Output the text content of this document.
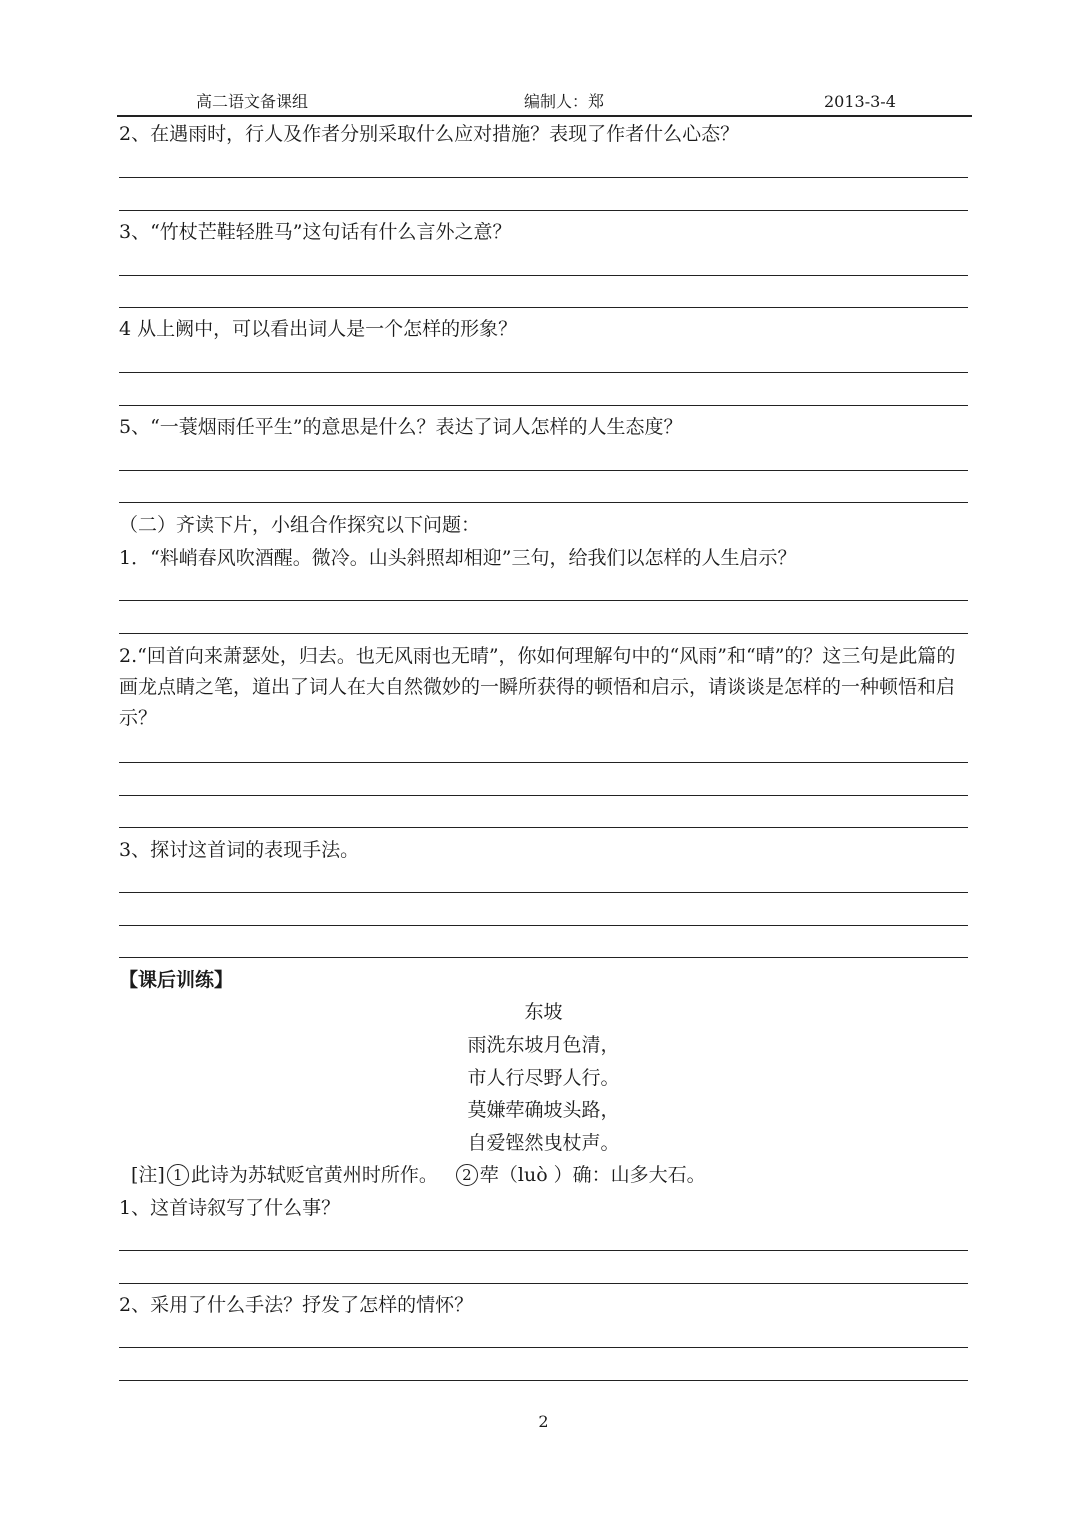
高二语文备课组	编制人：郑	2013-3-4
2、在遇雨时，行人及作者分别采取什么应对措施？表现了作者什么心态？
3、“竹杖芒鞋轻胜马”这句话有什么言外之意？
4 从上阙中，可以看出词人是一个怎样的形象？
5、“一蓑烟雨任平生”的意思是什么？表达了词人怎样的人生态度？
（二）齐读下片，小组合作探究以下问题：
1．“料峭春风吹酒醒。微冷。山头斜照却相迎”三句，给我们以怎样的人生启示？
2.“回首向来萧瑟处，归去。也无风雨也无晴”，你如何理解句中的“风雨”和“晴”的？这三句是此篇的画龙点睛之笔，道出了词人在大自然微妙的一瞬所获得的顿悟和启示，请谈谈是怎样的一种顿悟和启示？
3、探讨这首词的表现手法。
【课后训练】
东坡
雨洗东坡月色清，
市人行尽野人行。
莫嫌荦确坡头路，
自爱铿然曳杖声。
[注] 1 此诗为苏轼贬官黄州时所作。 2 荦（luò ）确：山多大石。
1、这首诗叙写了什么事？
2、采用了什么手法？抒发了怎样的情怀？
2
